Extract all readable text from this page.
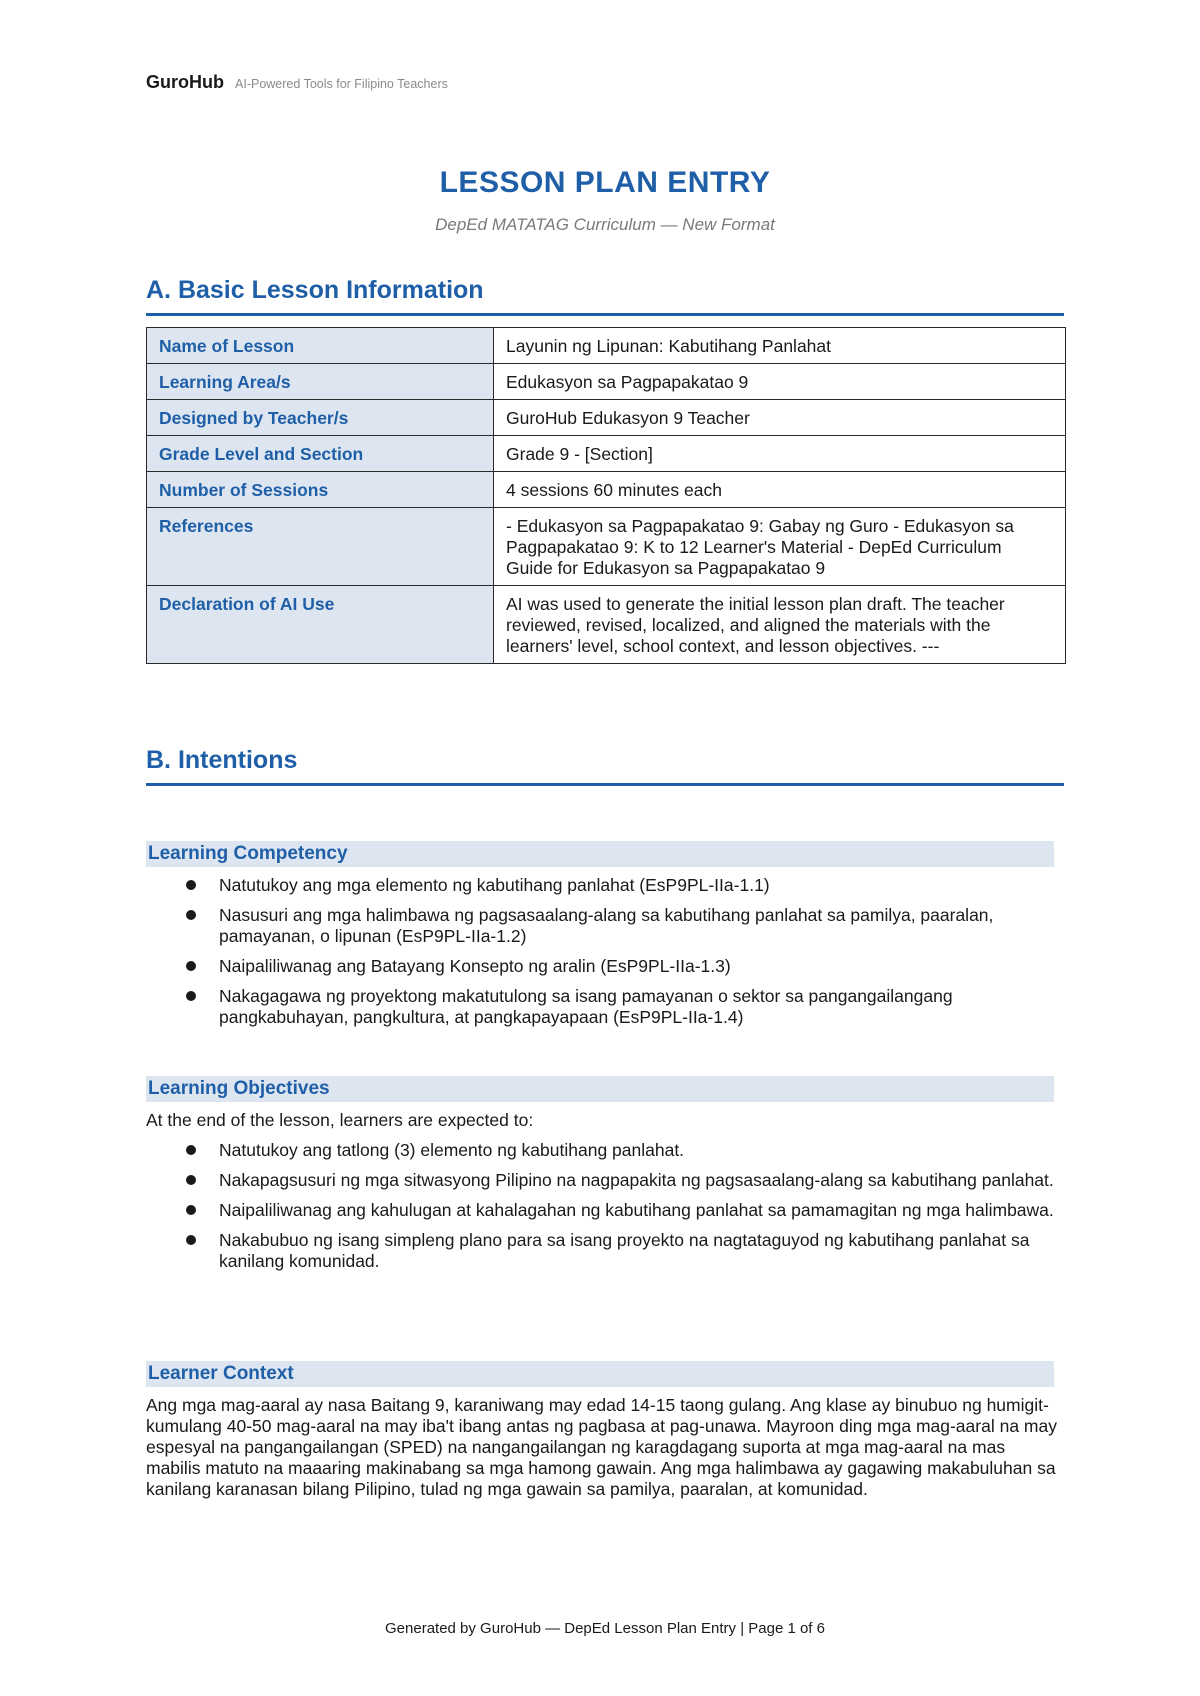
GuroHub AI-Powered Tools for Filipino Teachers
LESSON PLAN ENTRY
DepEd MATATAG Curriculum — New Format
A. Basic Lesson Information
Name of Lesson	Layunin ng Lipunan: Kabutihang Panlahat
Learning Area/s	Edukasyon sa Pagpapakatao 9
Designed by Teacher/s	GuroHub Edukasyon 9 Teacher
Grade Level and Section	Grade 9 - [Section]
Number of Sessions	4 sessions 60 minutes each
References	- Edukasyon sa Pagpapakatao 9: Gabay ng Guro - Edukasyon sa Pagpapakatao 9: K to 12 Learner's Material - DepEd Curriculum Guide for Edukasyon sa Pagpapakatao 9
Declaration of AI Use	AI was used to generate the initial lesson plan draft. The teacher reviewed, revised, localized, and aligned the materials with the learners' level, school context, and lesson objectives. ---
B. Intentions
Learning Competency
Natutukoy ang mga elemento ng kabutihang panlahat (EsP9PL-IIa-1.1)
Nasusuri ang mga halimbawa ng pagsasaalang-alang sa kabutihang panlahat sa pamilya, paaralan, pamayanan, o lipunan (EsP9PL-IIa-1.2)
Naipaliliwanag ang Batayang Konsepto ng aralin (EsP9PL-IIa-1.3)
Nakagagawa ng proyektong makatutulong sa isang pamayanan o sektor sa pangangailangang pangkabuhayan, pangkultura, at pangkapayapaan (EsP9PL-IIa-1.4)
Learning Objectives
At the end of the lesson, learners are expected to:
Natutukoy ang tatlong (3) elemento ng kabutihang panlahat.
Nakapagsusuri ng mga sitwasyong Pilipino na nagpapakita ng pagsasaalang-alang sa kabutihang panlahat.
Naipaliliwanag ang kahulugan at kahalagahan ng kabutihang panlahat sa pamamagitan ng mga halimbawa.
Nakabubuo ng isang simpleng plano para sa isang proyekto na nagtataguyod ng kabutihang panlahat sa kanilang komunidad.
Learner Context
Ang mga mag-aaral ay nasa Baitang 9, karaniwang may edad 14-15 taong gulang. Ang klase ay binubuo ng humigit-kumulang 40-50 mag-aaral na may iba't ibang antas ng pagbasa at pag-unawa. Mayroon ding mga mag-aaral na may espesyal na pangangailangan (SPED) na nangangailangan ng karagdagang suporta at mga mag-aaral na mas mabilis matuto na maaaring makinabang sa mga hamong gawain. Ang mga halimbawa ay gagawing makabuluhan sa kanilang karanasan bilang Pilipino, tulad ng mga gawain sa pamilya, paaralan, at komunidad.
Generated by GuroHub — DepEd Lesson Plan Entry | Page 1 of 6
